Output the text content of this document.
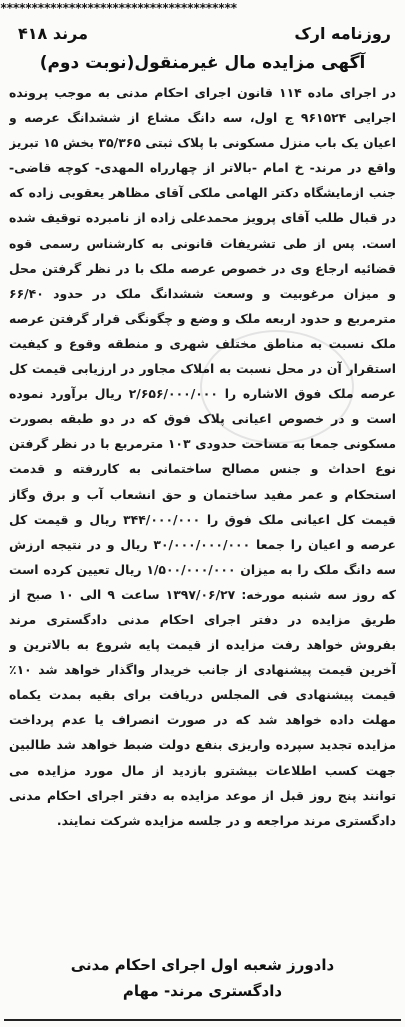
**************************************
روزنامه ارک
مرند ۴۱۸
آگهی مزایده مال غیرمنقول(نوبت دوم)

در اجرای ماده ۱۱۴ قانون اجرای احکام مدنی به موجب پرونده اجرایی ۹۶۱۵۲۴ ج اول، سه دانگ مشاع از ششدانگ عرصه و اعیان یک باب منزل مسکونی با پلاک ثبتی ۳۵/۳۶۵ بخش ۱۵ تبریز واقع در مرند- خ امام -بالاتر از چهارراه المهدی- کوچه قاضی- جنب ازمایشگاه دکتر الهامی ملکی آقای مظاهر یعقوبی زاده که در قبال طلب آقای پرویز محمدعلی زاده از نامبرده توقیف شده است. پس از طی تشریفات قانونی به کارشناس رسمی قوه قضائیه ارجاع وی در خصوص عرصه ملک با در نظر گرفتن محل و میزان مرغوبیت و وسعت ششدانگ ملک در حدود ۶۶/۴۰ مترمربع و حدود اربعه ملک و وضع و چگونگی قرار گرفتن عرصه ملک نسبت به مناطق مختلف شهری و منطقه وقوع و کیفیت استقرار آن در محل نسبت به املاک مجاور در ارزیابی قیمت کل عرصه ملک فوق الاشاره را ۲/۶۵۶/۰۰۰/۰۰۰ ریال برآورد نموده است و در خصوص اعیانی پلاک فوق که در دو طبقه بصورت مسکونی جمعا به مساحت حدودی ۱۰۳ مترمربع با در نظر گرفتن نوع احداث و جنس مصالح ساختمانی به کاررفته و قدمت استحکام و عمر مفید ساختمان و حق انشعاب آب و برق وگاز قیمت کل اعیانی ملک فوق را ۳۴۴/۰۰۰/۰۰۰ ریال و قیمت کل عرصه و اعیان را جمعا ۳۰/۰۰۰/۰۰۰/۰۰۰ ریال و در نتیجه ارزش سه دانگ ملک را به میزان ۱/۵۰۰/۰۰۰/۰۰۰ ریال تعیین کرده است که روز سه شنبه مورخه: ۱۳۹۷/۰۶/۲۷ ساعت ۹ الی ۱۰ صبح از طریق مزایده در دفتر اجرای احکام مدنی دادگستری مرند بفروش خواهد رفت مزایده از قیمت پایه شروع به بالاترین و آخرین قیمت پیشنهادی از جانب خریدار واگذار خواهد شد ۱۰٪ قیمت پیشنهادی فی المجلس دریافت برای بقیه بمدت یکماه مهلت داده خواهد شد که در صورت انصراف یا عدم پرداخت مزایده تجدید سپرده واریزی بنفع دولت ضبط خواهد شد طالبین جهت کسب اطلاعات بیشترو بازدید از مال مورد مزایده می توانند پنج روز قبل از موعد مزایده به دفتر اجرای احکام مدنی دادگستری مرند مراجعه و در جلسه مزایده شرکت نمایند.

دادورز شعبه اول اجرای احکام مدنی
دادگستری مرند- مهام
